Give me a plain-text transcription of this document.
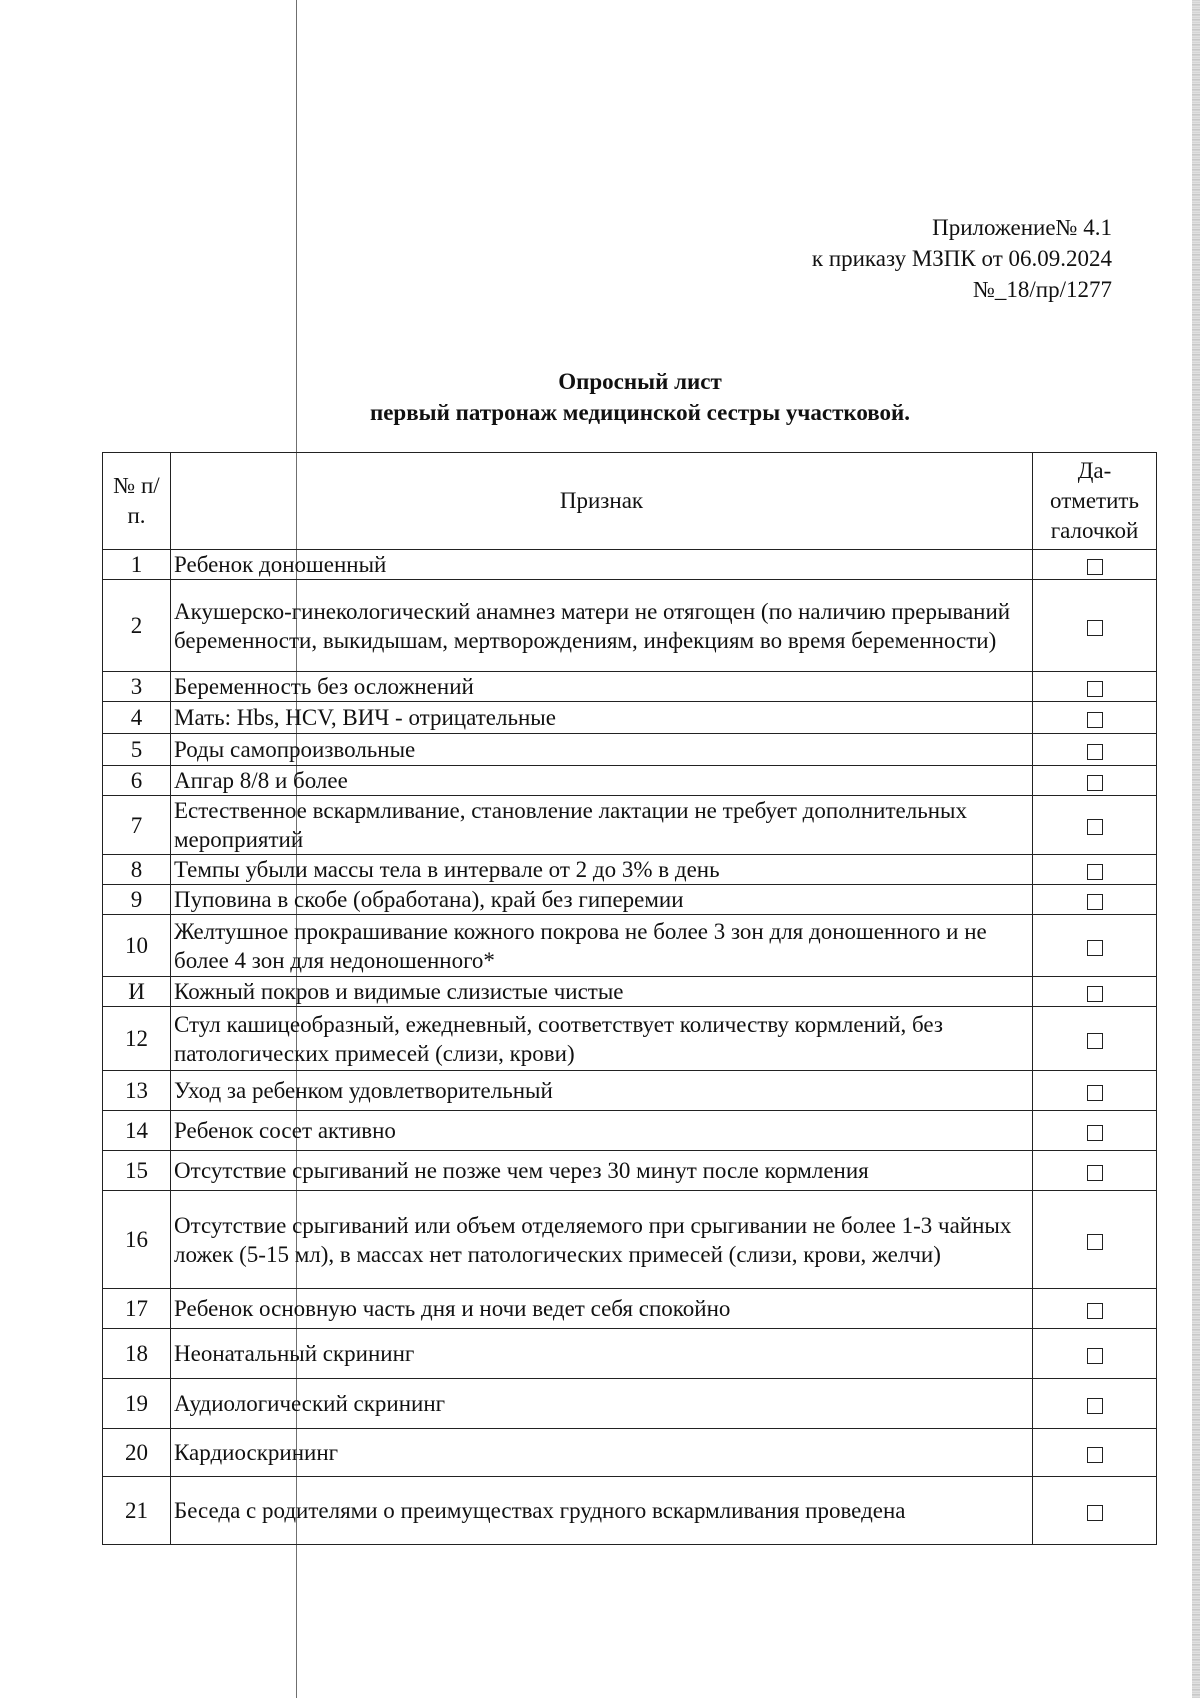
Приложение№ 4.1
к приказу МЗПК от 06.09.2024
№_18/пр/1277
Опросный лист
первый патронаж медицинской сестры участковой.
№ п/п.	Признак	Да- отметить галочкой
1	Ребенок доношенный	
2	Акушерско-гинекологический анамнез матери не отягощен (по наличию прерываний беременности, выкидышам, мертворождениям, инфекциям во время беременности)	
3	Беременность без осложнений	
4	Мать: Hbs, HCV, ВИЧ - отрицательные	
5	Роды самопроизвольные	
6	Апгар 8/8 и более	
7	Естественное вскармливание, становление лактации не требует дополнительных мероприятий	
8	Темпы убыли массы тела в интервале от 2 до 3% в день	
9	Пуповина в скобе (обработана), край без гиперемии	
10	Желтушное прокрашивание кожного покрова не более 3 зон для доношенного и не более 4 зон для недоношенного*	
И	Кожный покров и видимые слизистые чистые	
12	Стул кашицеобразный, ежедневный, соответствует количеству кормлений, без патологических примесей (слизи, крови)	
13	Уход за ребенком удовлетворительный	
14	Ребенок сосет активно	
15	Отсутствие срыгиваний не позже чем через 30 минут после кормления	
16	Отсутствие срыгиваний или объем отделяемого при срыгивании не более 1-3 чайных ложек (5-15 мл), в массах нет патологических примесей (слизи, крови, желчи)	
17	Ребенок основную часть дня и ночи ведет себя спокойно	
18	Неонатальный скрининг	
19	Аудиологический скрининг	
20	Кардиоскрининг	
21	Беседа с родителями о преимуществах грудного вскармливания проведена	
